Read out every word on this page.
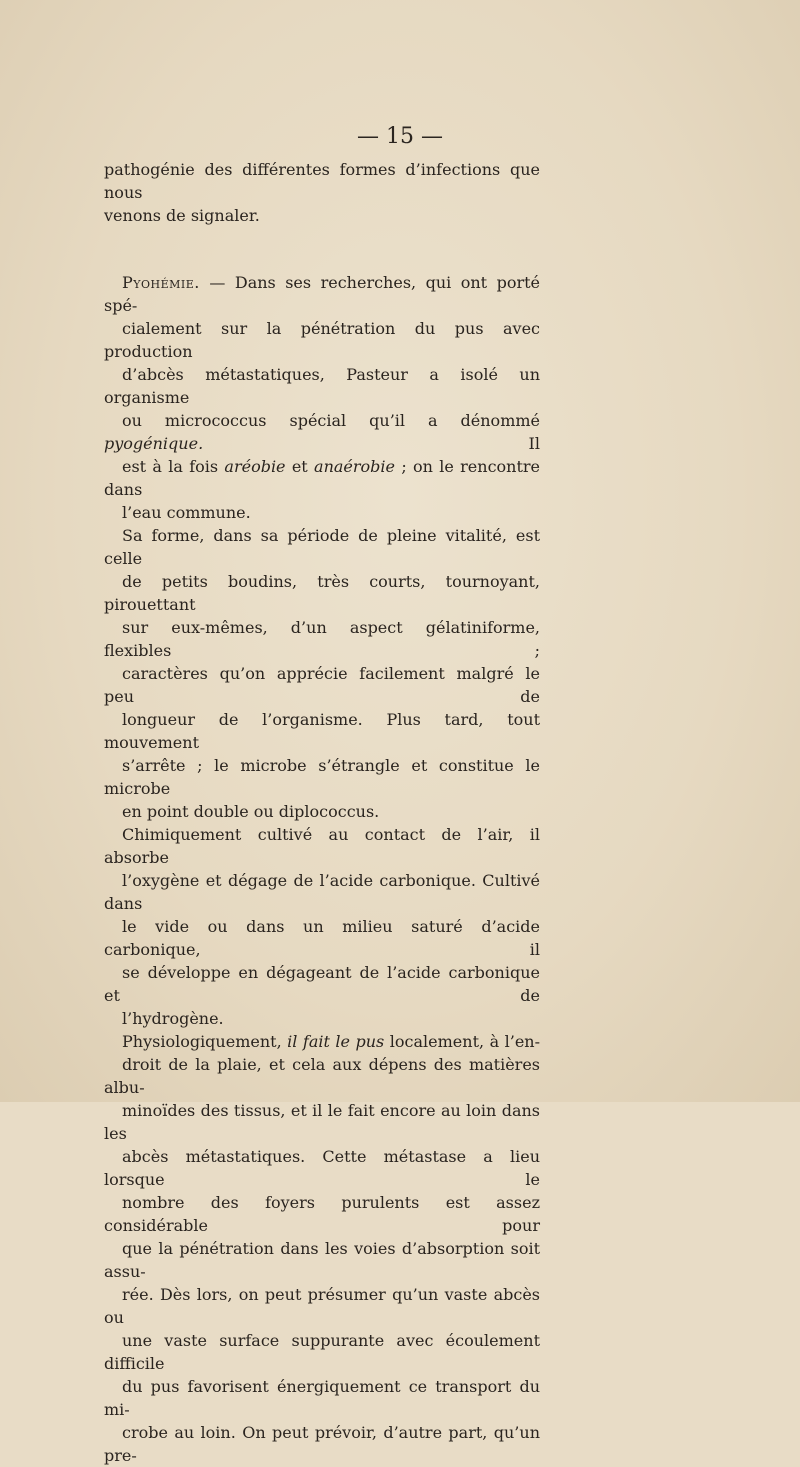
— 15 —

pathogénie des différentes formes d’infections que nous
venons de signaler.

Pyohémie. — Dans ses recherches, qui ont porté spé-
cialement sur la pénétration du pus avec production
d’abcès métastatiques, Pasteur a isolé un organisme
ou micrococcus spécial qu’il a dénommé pyogénique. Il
est à la fois aréobie et anaérobie ; on le rencontre dans
l’eau commune.

Sa forme, dans sa période de pleine vitalité, est celle
de petits boudins, très courts, tournoyant, pirouettant
sur eux-mêmes, d’un aspect gélatiniforme, flexibles ;
caractères qu’on apprécie facilement malgré le peu de
longueur de l’organisme. Plus tard, tout mouvement
s’arrête ; le microbe s’étrangle et constitue le microbe
en point double ou diplococcus.

Chimiquement cultivé au contact de l’air, il absorbe
l’oxygène et dégage de l’acide carbonique. Cultivé dans
le vide ou dans un milieu saturé d’acide carbonique, il
se développe en dégageant de l’acide carbonique et de
l’hydrogène.

Physiologiquement, il fait le pus localement, à l’en-
droit de la plaie, et cela aux dépens des matières albu-
minoïdes des tissus, et il le fait encore au loin dans les
abcès métastatiques. Cette métastase a lieu lorsque le
nombre des foyers purulents est assez considérable pour
que la pénétration dans les voies d’absorption soit assu-
rée. Dès lors, on peut présumer qu’un vaste abcès ou
une vaste surface suppurante avec écoulement difficile
du pus favorisent énergiquement ce transport du mi-
crobe au loin. On peut prévoir, d’autre part, qu’un pre-
